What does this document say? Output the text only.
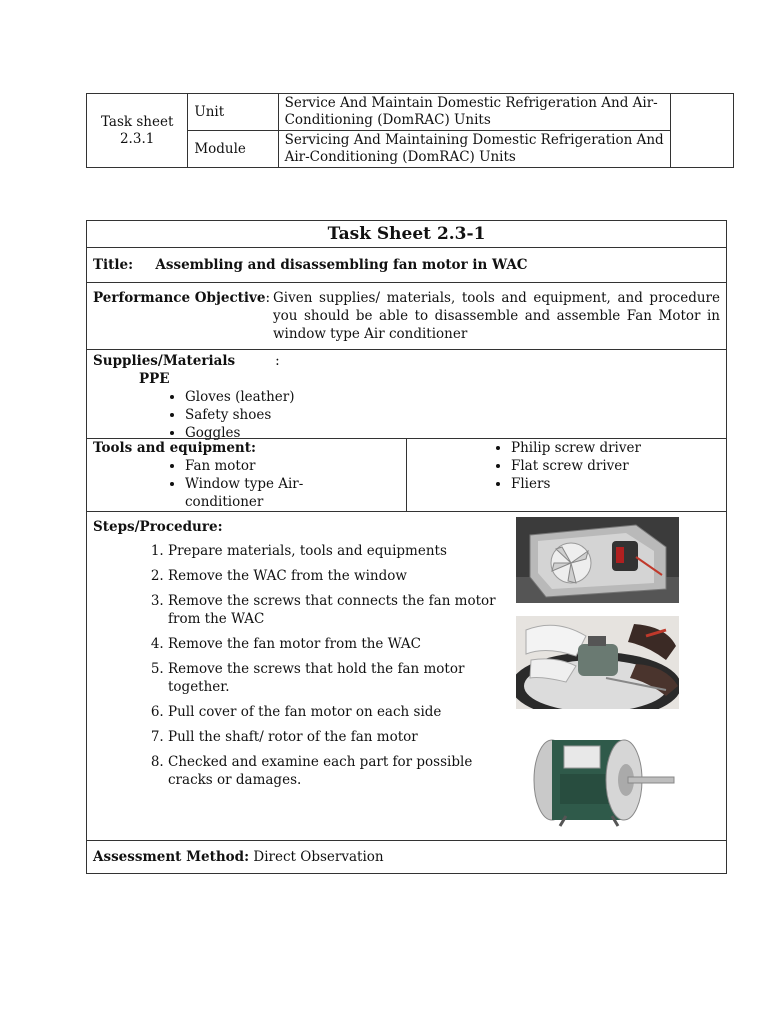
Task sheet
2.3.1	Unit	Service And Maintain Domestic Refrigeration And Air-Conditioning (DomRAC) Units	
	Module	Servicing And Maintaining Domestic Refrigeration And Air-Conditioning (DomRAC) Units	
Task Sheet 2.3-1
Title: Assembling and disassembling fan motor in WAC

Performance Objective: Given supplies/ materials, tools and equipment, and procedure you should be able to disassemble and assemble Fan Motor in window type Air conditioner

Supplies/Materials	:
PPE
• Gloves (leather)
• Safety shoes
• Goggles

Tools and equipment:
• Fan motor
• Window type Air-conditioner

• Philip screw driver
• Flat screw driver
• Fliers

Steps/Procedure:
1. Prepare materials, tools and equipments
2. Remove the WAC from the window
3. Remove the screws that connects the fan motor from the WAC
4. Remove the fan motor from the WAC
5. Remove the screws that hold the fan motor together.
6. Pull cover of the fan motor on each side
7. Pull the shaft/ rotor of the fan motor
8. Checked and examine each part for possible cracks or damages.

Assessment Method: Direct Observation
